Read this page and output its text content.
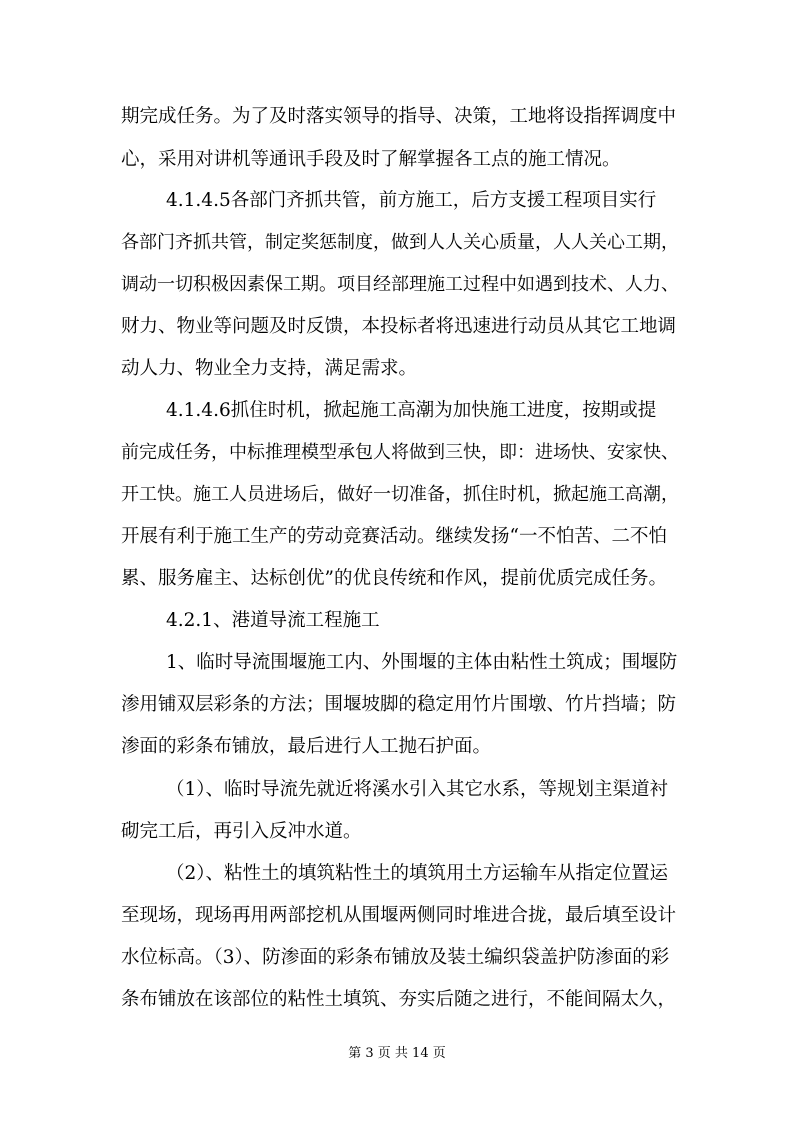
期完成任务。为了及时落实领导的指导、决策，工地将设指挥调度中
心，采用对讲机等通讯手段及时了解掌握各工点的施工情况。
4.1.4.5各部门齐抓共管，前方施工，后方支援工程项目实行
各部门齐抓共管，制定奖惩制度，做到人人关心质量，人人关心工期，
调动一切积极因素保工期。项目经部理施工过程中如遇到技术、人力、
财力、物业等问题及时反馈，本投标者将迅速进行动员从其它工地调
动人力、物业全力支持，满足需求。
4.1.4.6抓住时机，掀起施工高潮为加快施工进度，按期或提
前完成任务，中标推理模型承包人将做到三快，即：进场快、安家快、
开工快。施工人员进场后，做好一切准备，抓住时机，掀起施工高潮，
开展有利于施工生产的劳动竞赛活动。继续发扬“一不怕苦、二不怕
累、服务雇主、达标创优”的优良传统和作风，提前优质完成任务。
4.2.1、港道导流工程施工
1、临时导流围堰施工内、外围堰的主体由粘性土筑成；围堰防
渗用铺双层彩条的方法；围堰坡脚的稳定用竹片围墩、竹片挡墙；防
渗面的彩条布铺放，最后进行人工抛石护面。
（1）、临时导流先就近将溪水引入其它水系，等规划主渠道衬
砌完工后，再引入反冲水道。
（2）、粘性土的填筑粘性土的填筑用土方运输车从指定位置运
至现场，现场再用两部挖机从围堰两侧同时堆进合拢，最后填至设计
水位标高。（3）、防渗面的彩条布铺放及装土编织袋盖护防渗面的彩
条布铺放在该部位的粘性土填筑、夯实后随之进行，不能间隔太久，
第 3 页 共 14 页
